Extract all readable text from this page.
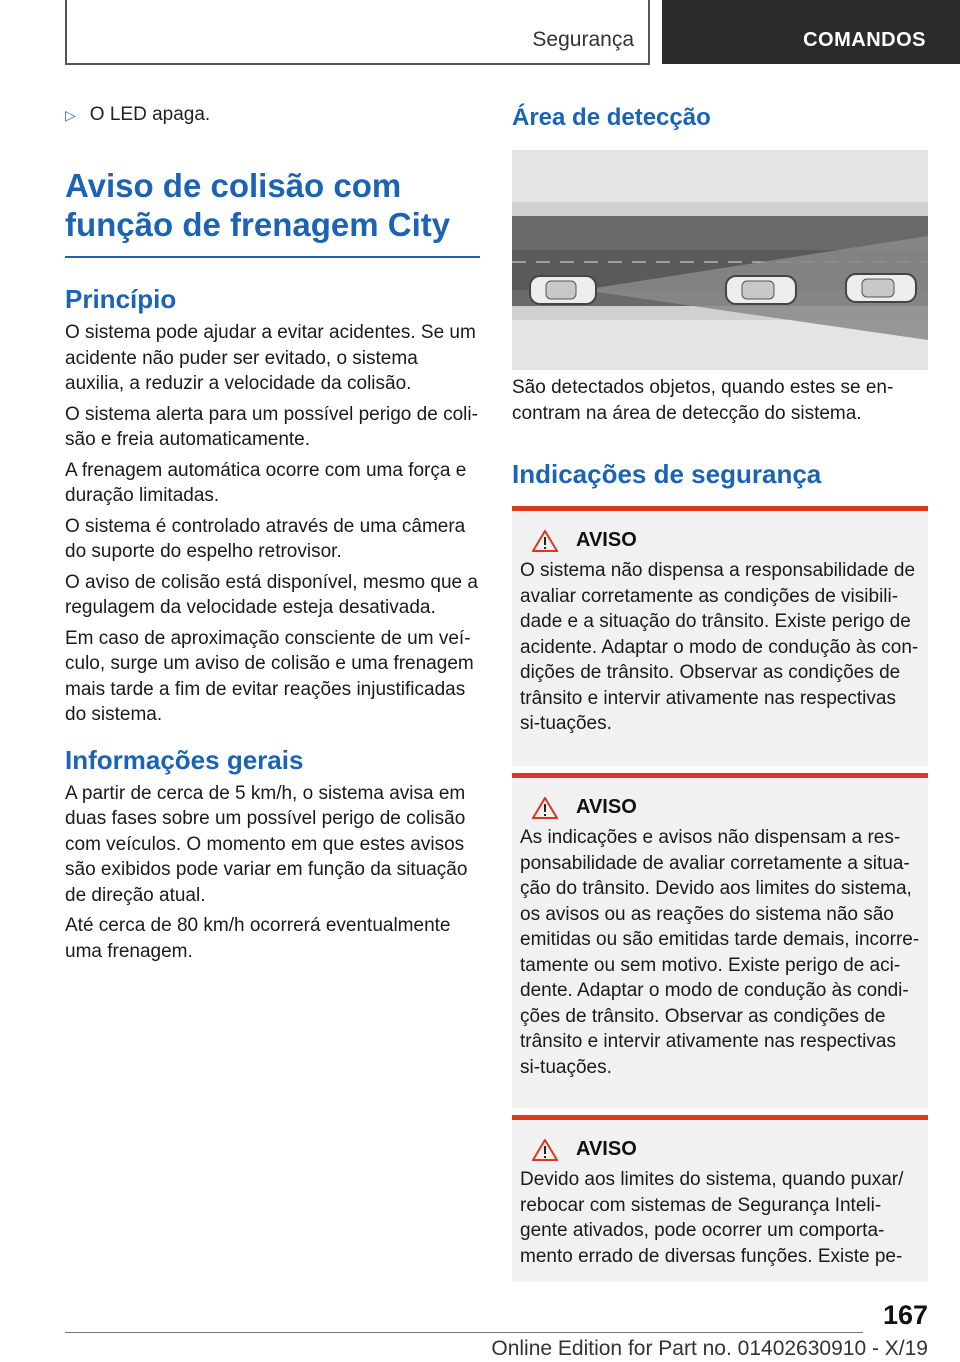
Segurança	COMANDOS
▷ O LED apaga.
Aviso de colisão com
função de frenagem City
Princípio

O sistema pode ajudar a evitar acidentes. Se um acidente não puder ser evitado, o sistema auxilia, a reduzir a velocidade da colisão.

O sistema alerta para um possível perigo de coli-são e freia automaticamente.

A frenagem automática ocorre com uma força e duração limitadas.

O sistema é controlado através de uma câmera do suporte do espelho retrovisor.

O aviso de colisão está disponível, mesmo que a regulagem da velocidade esteja desativada.

Em caso de aproximação consciente de um veí-culo, surge um aviso de colisão e uma frenagem mais tarde a fim de evitar reações injustificadas do sistema.

Informações gerais

A partir de cerca de 5 km/h, o sistema avisa em duas fases sobre um possível perigo de colisão com veículos. O momento em que estes avisos são exibidos pode variar em função da situação de direção atual.

Até cerca de 80 km/h ocorrerá eventualmente uma frenagem.

Área de detecção

São detectados objetos, quando estes se en-contram na área de detecção do sistema.

Indicações de segurança
AVISO

O sistema não dispensa a responsabilidade de avaliar corretamente as condições de visibili-dade e a situação do trânsito. Existe perigo de acidente. Adaptar o modo de condução às con-dições de trânsito. Observar as condições de trânsito e intervir ativamente nas respectivas si-tuações.

AVISO

As indicações e avisos não dispensam a res-ponsabilidade de avaliar corretamente a situa-ção do trânsito. Devido aos limites do sistema, os avisos ou as reações do sistema não são emitidas ou são emitidas tarde demais, incorre-tamente ou sem motivo. Existe perigo de aci-dente. Adaptar o modo de condução às condi-ções de trânsito. Observar as condições de trânsito e intervir ativamente nas respectivas si-tuações.

AVISO

Devido aos limites do sistema, quando puxar/ rebocar com sistemas de Segurança Inteli-gente ativados, pode ocorrer um comporta-mento errado de diversas funções. Existe pe-

167
Online Edition for Part no. 01402630910 - X/19
